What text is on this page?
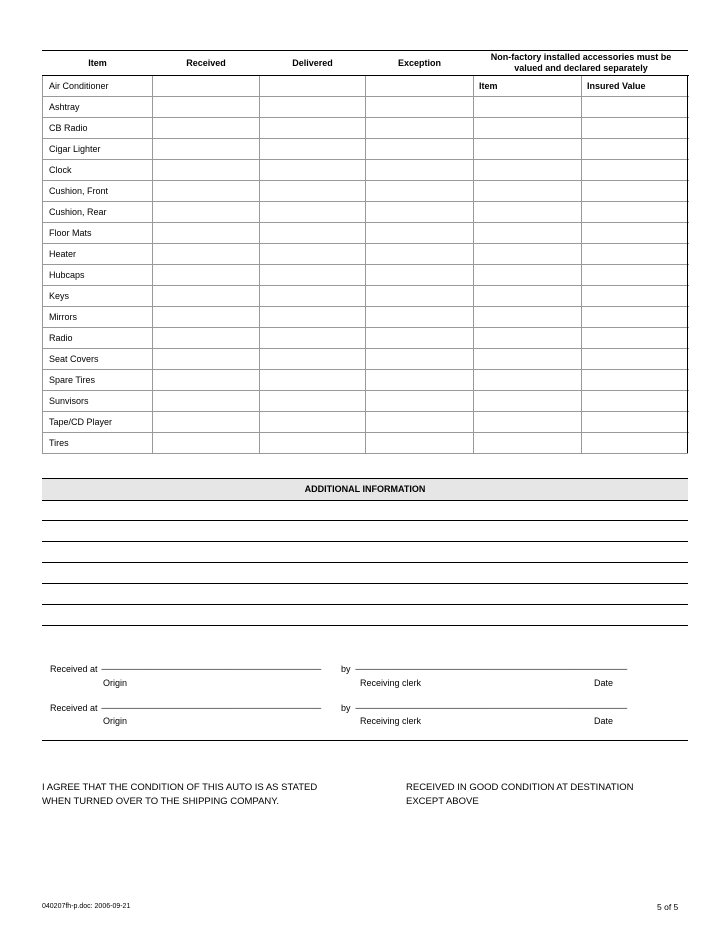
Item	Received	Delivered	Exception	Non-factory installed accessories must be valued and declared separately	
Air Conditioner				Item	Insured Value
Ashtray					
CB Radio					
Cigar Lighter					
Clock					
Cushion, Front					
Cushion, Rear					
Floor Mats					
Heater					
Hubcaps					
Keys					
Mirrors					
Radio					
Seat Covers					
Spare Tires					
Sunvisors					
Tape/CD Player					
Tires					
ADDITIONAL INFORMATION
Received at --------------------------------------------------------------------------------------------------------------	by ----------------------------------------------------------------------------------------------------------------------------------------
Origin	Receiving clerk	Date
Received at --------------------------------------------------------------------------------------------------------------	by ----------------------------------------------------------------------------------------------------------------------------------------
Origin	Receiving clerk	Date
I AGREE THAT THE CONDITION OF THIS AUTO IS AS STATED
WHEN TURNED OVER TO THE SHIPPING COMPANY.
RECEIVED IN GOOD CONDITION AT DESTINATION
EXCEPT ABOVE
040207fh-p.doc: 2006-09-21	5 of 5
